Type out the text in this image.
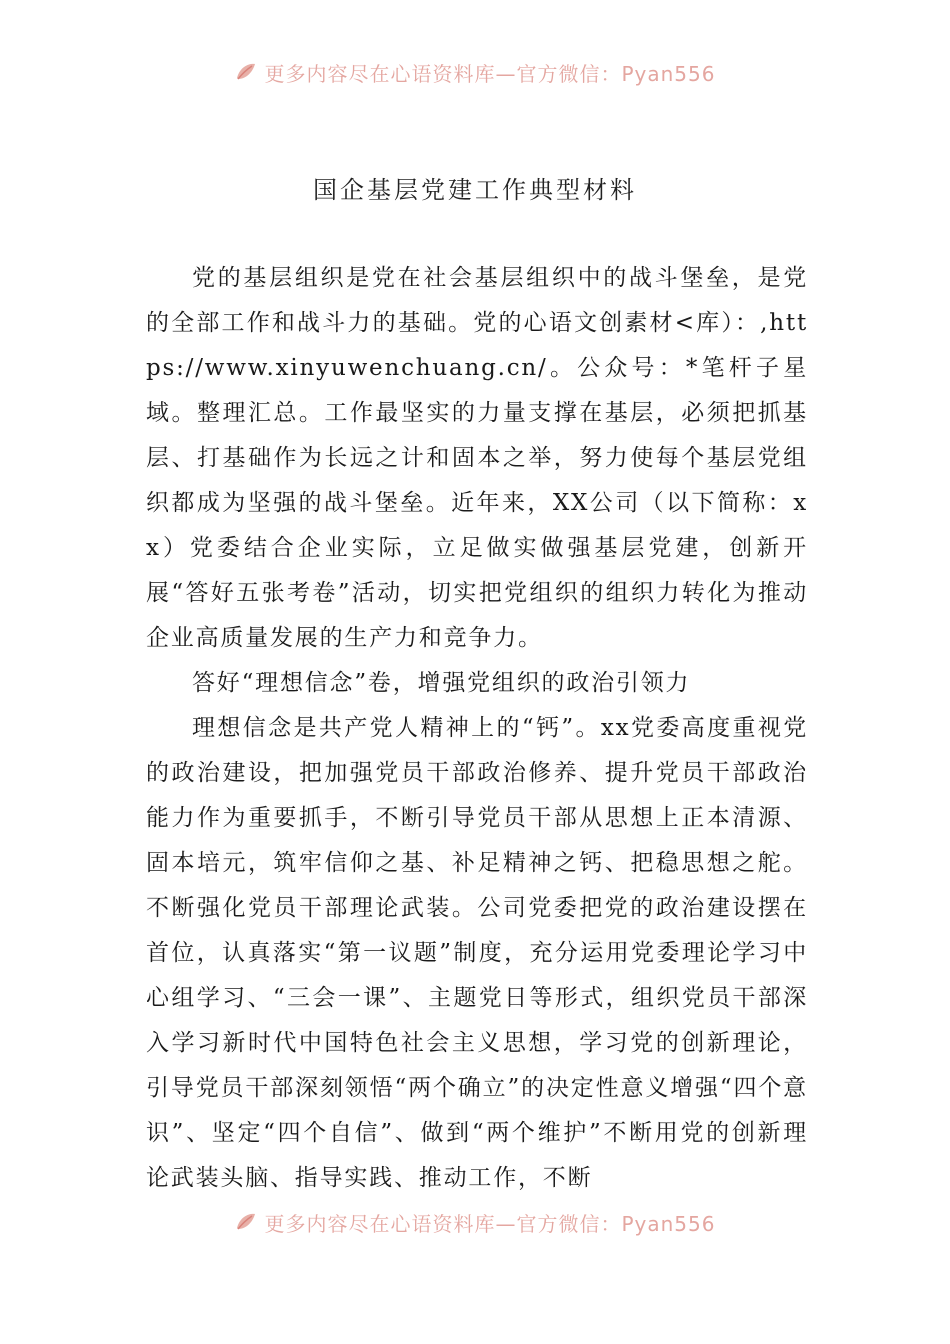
更多内容尽在心语资料库—官方微信：Pyan556
国企基层党建工作典型材料

党的基层组织是党在社会基层组织中的战斗堡垒，是党的全部工作和战斗力的基础。党的心语文创素材<库）：,https://www.xinyuwenchuang.cn/。公众号：*笔杆子星域。整理汇总。工作最坚实的力量支撑在基层，必须把抓基层、打基础作为长远之计和固本之举，努力使每个基层党组织都成为坚强的战斗堡垒。近年来，XX公司（以下简称：xx）党委结合企业实际，立足做实做强基层党建，创新开展“答好五张考卷”活动，切实把党组织的组织力转化为推动企业高质量发展的生产力和竞争力。

答好“理想信念”卷，增强党组织的政治引领力

理想信念是共产党人精神上的“钙”。xx党委高度重视党的政治建设，把加强党员干部政治修养、提升党员干部政治能力作为重要抓手，不断引导党员干部从思想上正本清源、固本培元，筑牢信仰之基、补足精神之钙、把稳思想之舵。不断强化党员干部理论武装。公司党委把党的政治建设摆在首位，认真落实“第一议题”制度，充分运用党委理论学习中心组学习、“三会一课”、主题党日等形式，组织党员干部深入学习新时代中国特色社会主义思想，学习党的创新理论，引导党员干部深刻领悟“两个确立”的决定性意义增强“四个意识”、坚定“四个自信”、做到“两个维护”不断用党的创新理论武装头脑、指导实践、推动工作，不断

更多内容尽在心语资料库—官方微信：Pyan556
